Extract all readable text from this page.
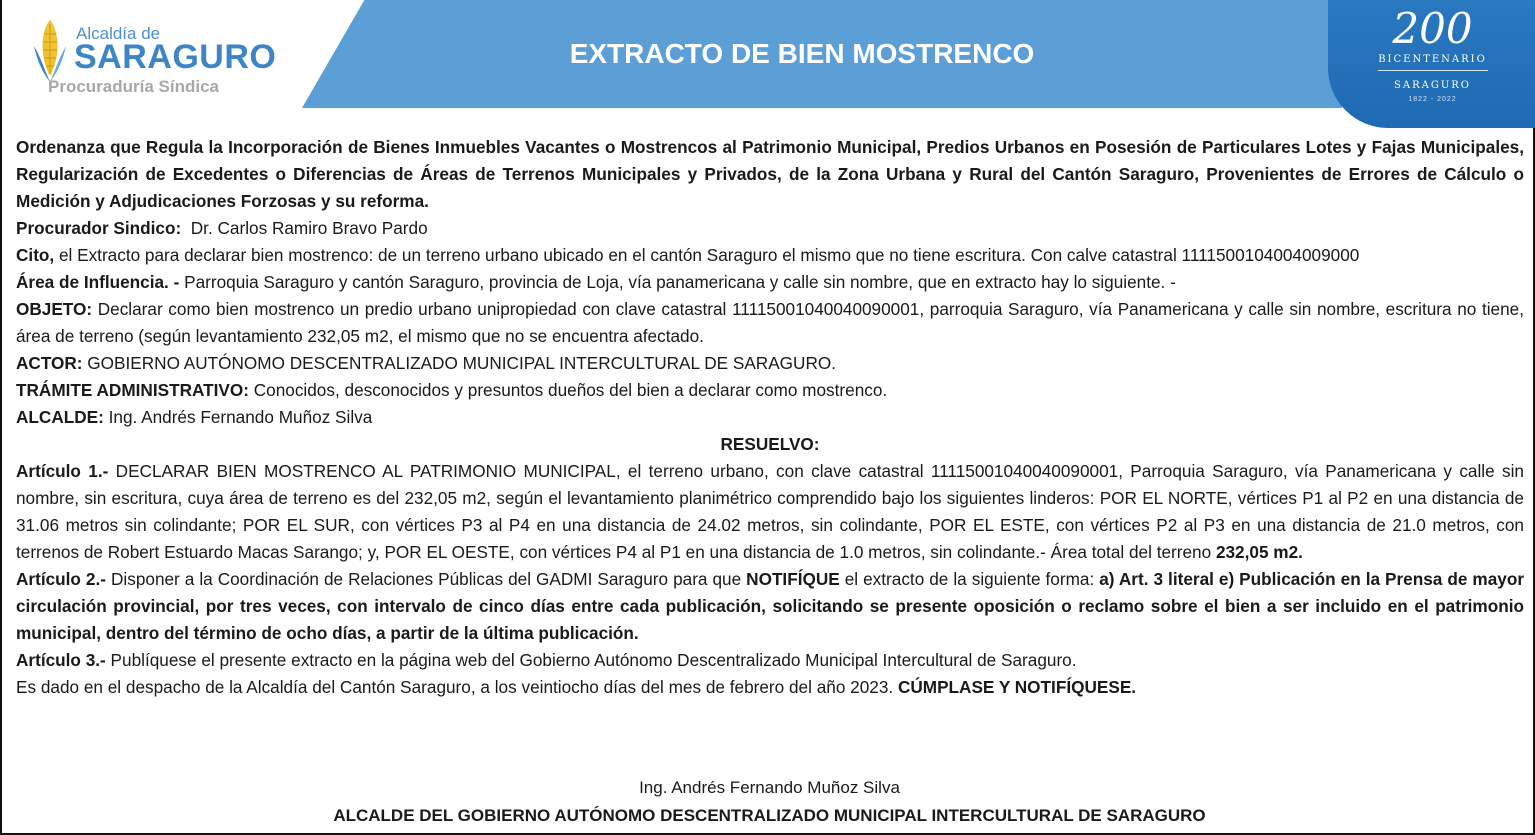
Alcaldía de
SARAGURO
Procuraduría Síndica
EXTRACTO DE BIEN MOSTRENCO
200
BICENTENARIO
SARAGURO
1822 - 2022

Ordenanza que Regula la Incorporación de Bienes Inmuebles Vacantes o Mostrencos al Patrimonio Municipal, Predios Urbanos en Posesión de Particulares Lotes y Fajas Municipales, Regularización de Excedentes o Diferencias de Áreas de Terrenos Municipales y Privados, de la Zona Urbana y Rural del Cantón Saraguro, Provenientes de Errores de Cálculo o Medición y Adjudicaciones Forzosas y su reforma.

Procurador Sindico:  Dr. Carlos Ramiro Bravo Pardo

Cito, el Extracto para declarar bien mostrenco: de un terreno urbano ubicado en el cantón Saraguro el mismo que no tiene escritura. Con calve catastral 1111500104004009000

Área de Influencia. - Parroquia Saraguro y cantón Saraguro, provincia de Loja, vía panamericana y calle sin nombre, que en extracto hay lo siguiente. -

OBJETO: Declarar como bien mostrenco un predio urbano unipropiedad con clave catastral 11115001040040090001, parroquia Saraguro, vía Panamericana y calle sin nombre, escritura no tiene, área de terreno (según levantamiento 232,05 m2, el mismo que no se encuentra afectado.

ACTOR: GOBIERNO AUTÓNOMO DESCENTRALIZADO MUNICIPAL INTERCULTURAL DE SARAGURO.

TRÁMITE ADMINISTRATIVO: Conocidos, desconocidos y presuntos dueños del bien a declarar como mostrenco.

ALCALDE: Ing. Andrés Fernando Muñoz Silva

RESUELVO:

Artículo 1.- DECLARAR BIEN MOSTRENCO AL PATRIMONIO MUNICIPAL, el terreno urbano, con clave catastral 11115001040040090001, Parroquia Saraguro, vía Panamericana y calle sin nombre, sin escritura, cuya área de terreno es del 232,05 m2, según el levantamiento planimétrico comprendido bajo los siguientes linderos: POR EL NORTE, vértices P1 al P2 en una distancia de 31.06 metros sin colindante; POR EL SUR, con vértices P3 al P4 en una distancia de 24.02 metros, sin colindante, POR EL ESTE, con vértices P2 al P3 en una distancia de 21.0 metros, con terrenos de Robert Estuardo Macas Sarango; y, POR EL OESTE, con vértices P4 al P1 en una distancia de 1.0 metros, sin colindante.- Área total del terreno 232,05 m2.

Artículo 2.- Disponer a la Coordinación de Relaciones Públicas del GADMI Saraguro para que NOTIFÍQUE el extracto de la siguiente forma: a) Art. 3 literal e) Publicación en la Prensa de mayor circulación provincial, por tres veces, con intervalo de cinco días entre cada publicación, solicitando se presente oposición o reclamo sobre el bien a ser incluido en el patrimonio municipal, dentro del término de ocho días, a partir de la última publicación.

Artículo 3.- Publíquese el presente extracto en la página web del Gobierno Autónomo Descentralizado Municipal Intercultural de Saraguro.

Es dado en el despacho de la Alcaldía del Cantón Saraguro, a los veintiocho días del mes de febrero del año 2023. CÚMPLASE Y NOTIFÍQUESE.

Ing. Andrés Fernando Muñoz Silva
ALCALDE DEL GOBIERNO AUTÓNOMO DESCENTRALIZADO MUNICIPAL INTERCULTURAL DE SARAGURO
